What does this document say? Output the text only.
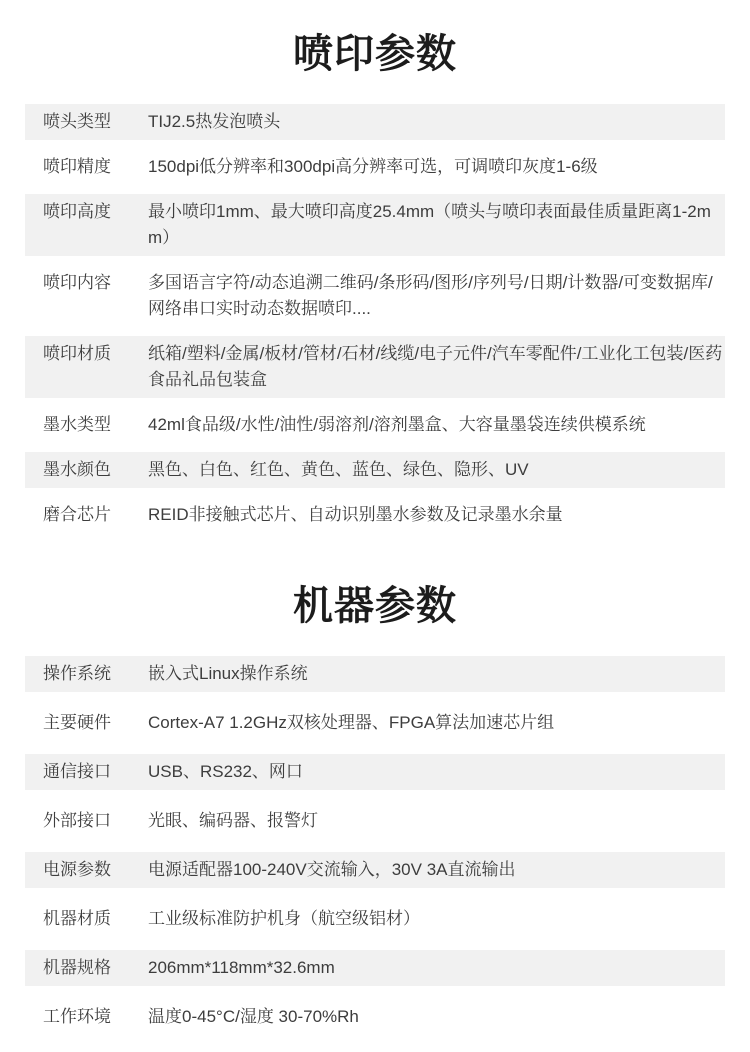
喷印参数
喷头类型	TIJ2.5热发泡喷头
喷印精度	150dpi低分辨率和300dpi高分辨率可选，可调喷印灰度1-6级
喷印高度	最小喷印1mm、最大喷印高度25.4mm（喷头与喷印表面最佳质量距离1-2mm）
喷印内容	多国语言字符/动态追溯二维码/条形码/图形/序列号/日期/计数器/可变数据库/网络串口实时动态数据喷印....
喷印材质	纸箱/塑料/金属/板材/管材/石材/线缆/电子元件/汽车零配件/工业化工包装/医药食品礼品包装盒
墨水类型	42ml食品级/水性/油性/弱溶剂/溶剂墨盒、大容量墨袋连续供模系统
墨水颜色	黑色、白色、红色、黄色、蓝色、绿色、隐形、UV
磨合芯片	REID非接触式芯片、自动识别墨水参数及记录墨水余量
机器参数
操作系统	嵌入式Linux操作系统
主要硬件	Cortex-A7 1.2GHz双核处理器、FPGA算法加速芯片组
通信接口	USB、RS232、网口
外部接口	光眼、编码器、报警灯
电源参数	电源适配器100-240V交流输入，30V 3A直流输出
机器材质	工业级标准防护机身（航空级铝材）
机器规格	206mm*118mm*32.6mm
工作环境	温度0-45°C/湿度 30-70%Rh
